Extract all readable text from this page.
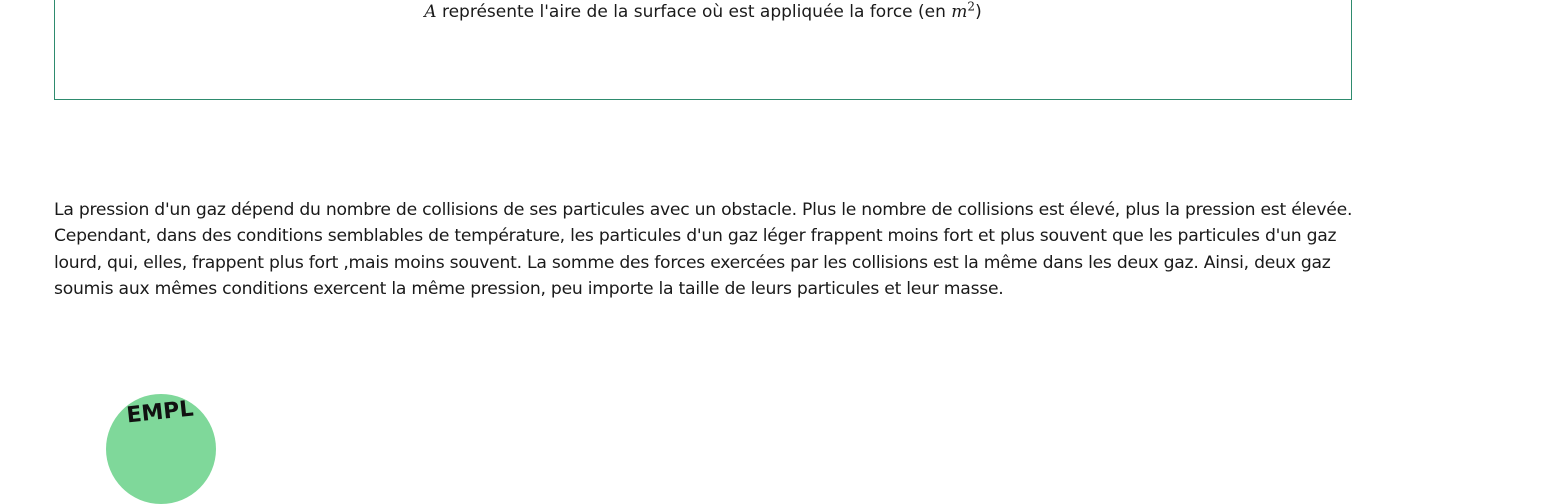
A représente l'aire de la surface où est appliquée la force (en $m^2$)

La pression d'un gaz dépend du nombre de collisions de ses particules avec un obstacle. Plus le nombre de collisions est élevé, plus la pression est élevée. Cependant, dans des conditions semblables de température, les particules d'un gaz léger frappent moins fort et plus souvent que les particules d'un gaz lourd, qui, elles, frappent plus fort ,mais moins souvent. La somme des forces exercées par les collisions est la même dans les deux gaz. Ainsi, deux gaz soumis aux mêmes conditions exercent la même pression, peu importe la taille de leurs particules et leur masse.

EMPL
